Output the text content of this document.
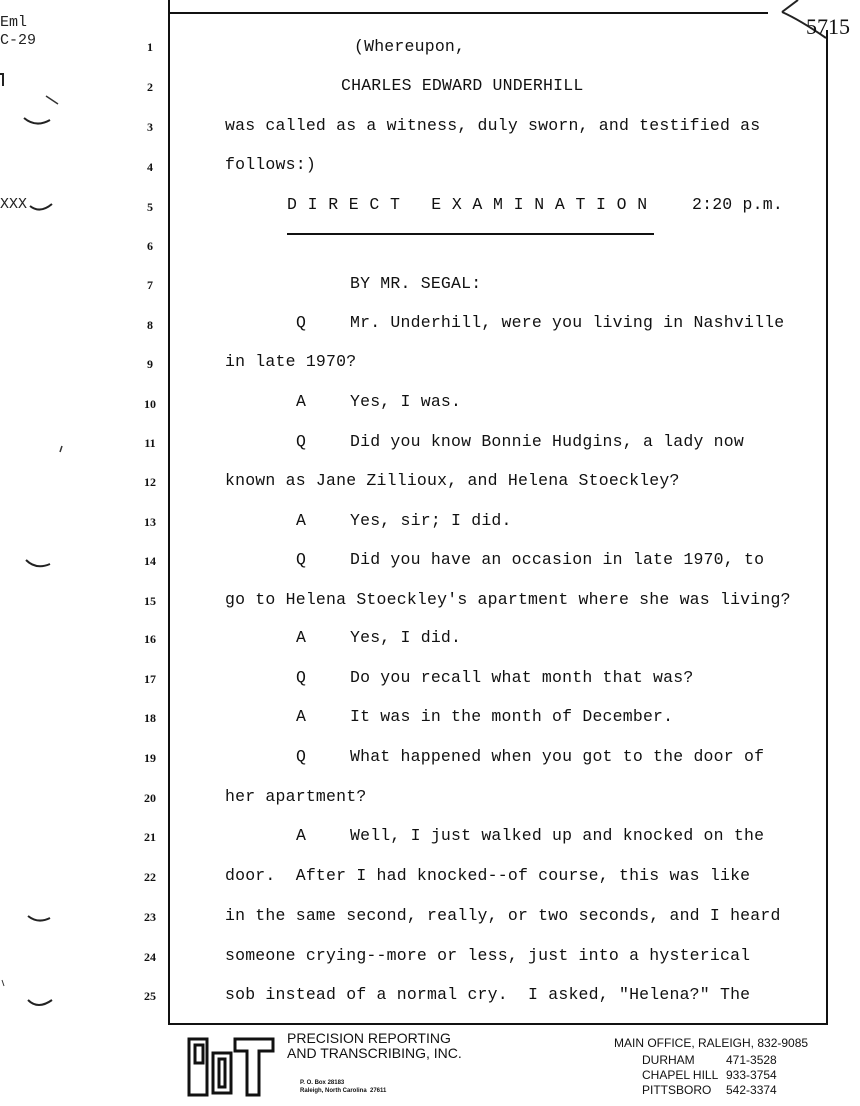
Eml
C-29
XXX
5715
1	(Whereupon,
2	CHARLES EDWARD UNDERHILL
3	was called as a witness, duly sworn, and testified as
4	follows:)
5	D I R E C T   E X A M I N A T I O N	2:20 p.m.
6
7	BY MR. SEGAL:
8	Q	Mr. Underhill, were you living in Nashville
9	in late 1970?
10	A	Yes, I was.
11	Q	Did you know Bonnie Hudgins, a lady now
12	known as Jane Zillioux, and Helena Stoeckley?
13	A	Yes, sir; I did.
14	Q	Did you have an occasion in late 1970, to
15	go to Helena Stoeckley's apartment where she was living?
16	A	Yes, I did.
17	Q	Do you recall what month that was?
18	A	It was in the month of December.
19	Q	What happened when you got to the door of
20	her apartment?
21	A	Well, I just walked up and knocked on the
22	door.  After I had knocked--of course, this was like
23	in the same second, really, or two seconds, and I heard
24	someone crying--more or less, just into a hysterical
25	sob instead of a normal cry.  I asked, "Helena?" The
PRECISION REPORTING
AND TRANSCRIBING, INC.
P. O. Box 28183
Raleigh, North Carolina  27611
MAIN OFFICE, RALEIGH, 832-9085
DURHAM	471-3528
CHAPEL HILL 933-3754
PITTSBORO 542-3374
